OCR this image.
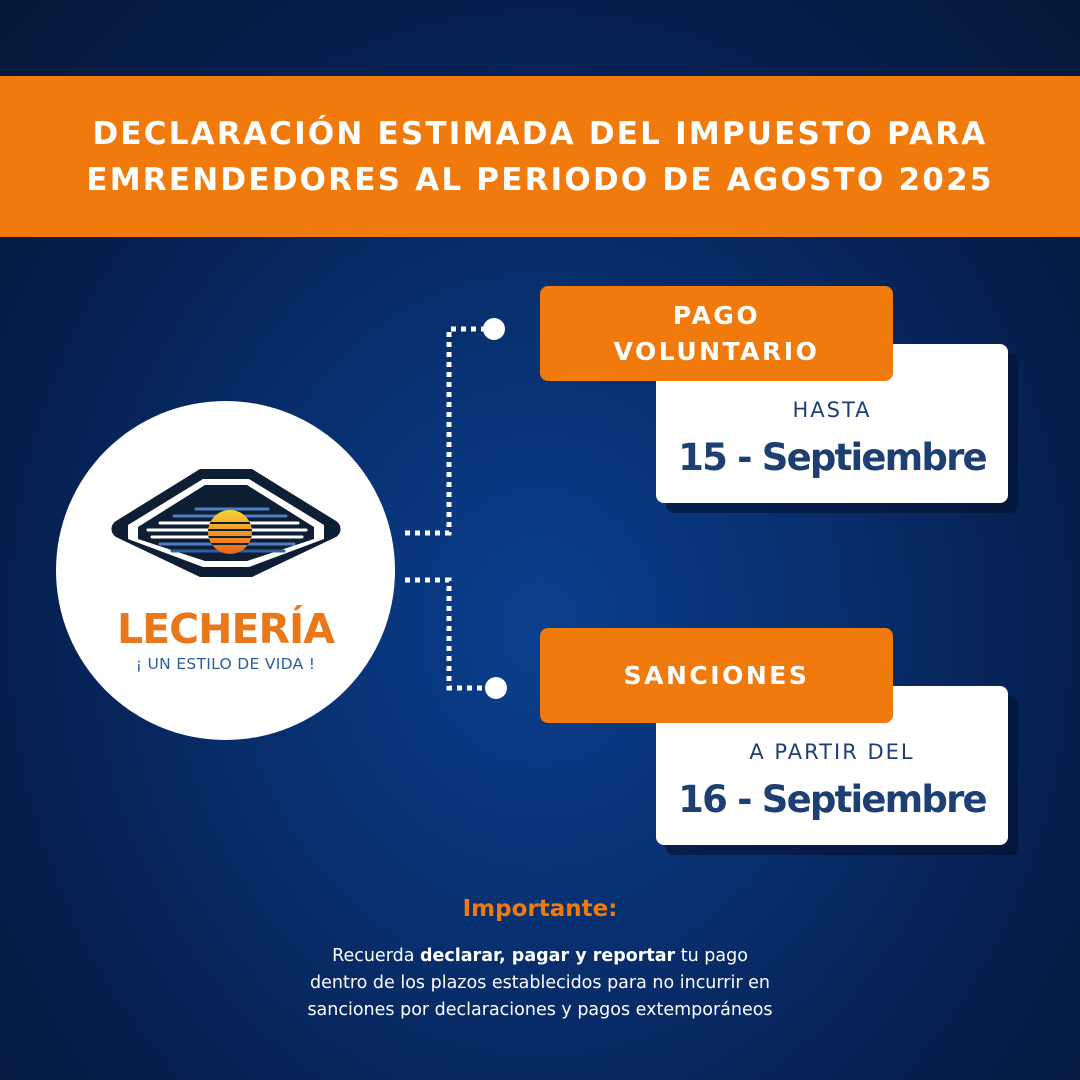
DECLARACIÓN ESTIMADA DEL IMPUESTO PARA
EMRENDEDORES AL PERIODO DE AGOSTO 2025
LECHERÍA
¡ UN ESTILO DE VIDA !
HASTA
15 - Septiembre
PAGO
VOLUNTARIO
A PARTIR DEL
16 - Septiembre
SANCIONES
Importante:
Recuerda declarar, pagar y reportar tu pago
dentro de los plazos establecidos para no incurrir en
sanciones por declaraciones y pagos extemporáneos
